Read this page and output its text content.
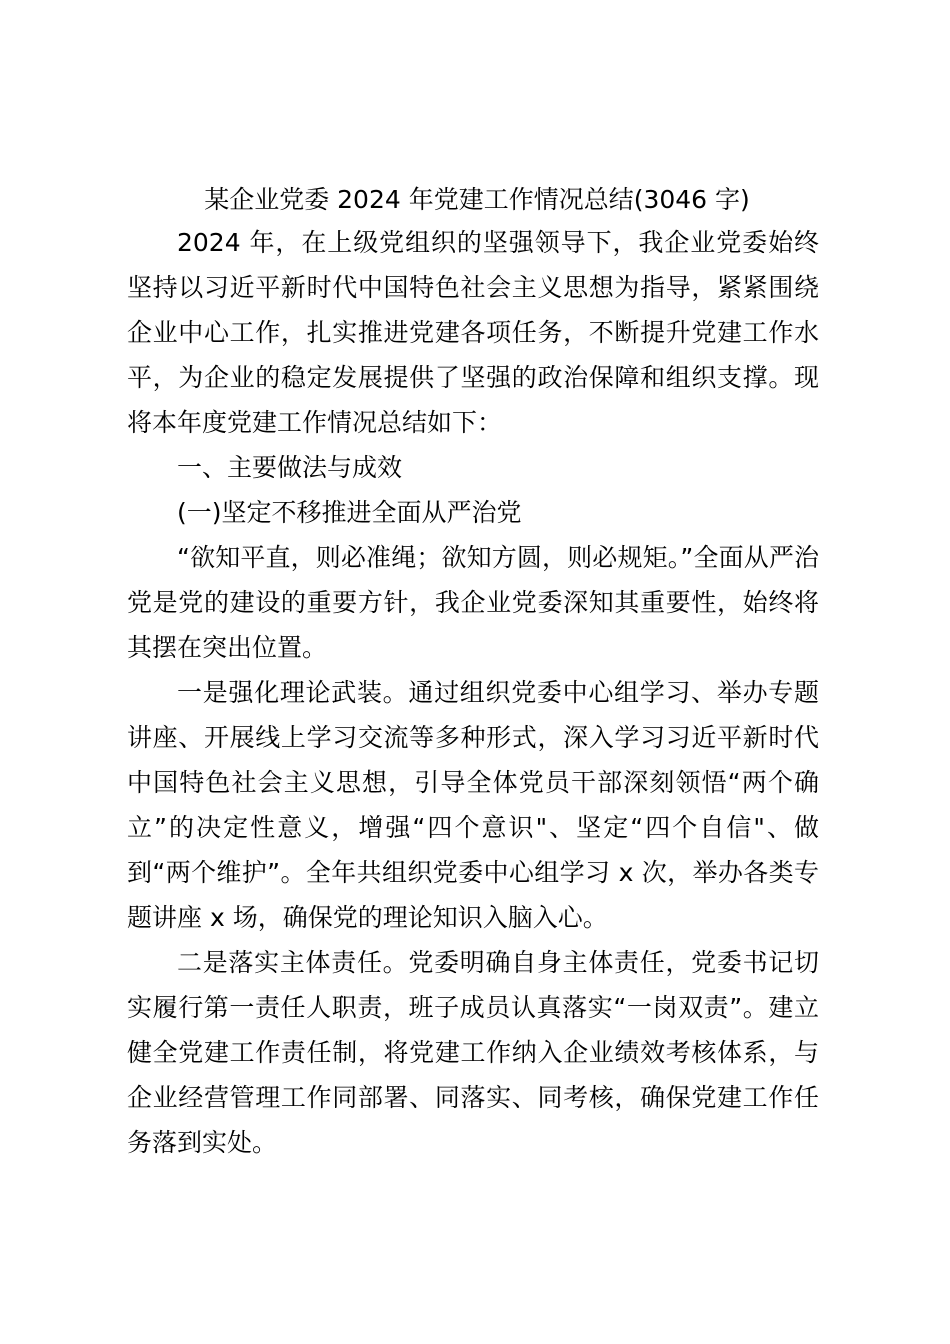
某企业党委 2024 年党建工作情况总结(3046 字)

2024 年，在上级党组织的坚强领导下，我企业党委始终坚持以习近平新时代中国特色社会主义思想为指导，紧紧围绕企业中心工作，扎实推进党建各项任务，不断提升党建工作水平，为企业的稳定发展提供了坚强的政治保障和组织支撑。现将本年度党建工作情况总结如下：

一、主要做法与成效

(一)坚定不移推进全面从严治党

“欲知平直，则必准绳；欲知方圆，则必规矩。”全面从严治党是党的建设的重要方针，我企业党委深知其重要性，始终将其摆在突出位置。

一是强化理论武装。通过组织党委中心组学习、举办专题讲座、开展线上学习交流等多种形式，深入学习习近平新时代中国特色社会主义思想，引导全体党员干部深刻领悟“两个确立”的决定性意义，增强“四个意识"、坚定“四个自信"、做到“两个维护”。全年共组织党委中心组学习 x 次，举办各类专题讲座 x 场，确保党的理论知识入脑入心。

二是落实主体责任。党委明确自身主体责任，党委书记切实履行第一责任人职责，班子成员认真落实“一岗双责”。建立健全党建工作责任制，将党建工作纳入企业绩效考核体系，与企业经营管理工作同部署、同落实、同考核，确保党建工作任务落到实处。
